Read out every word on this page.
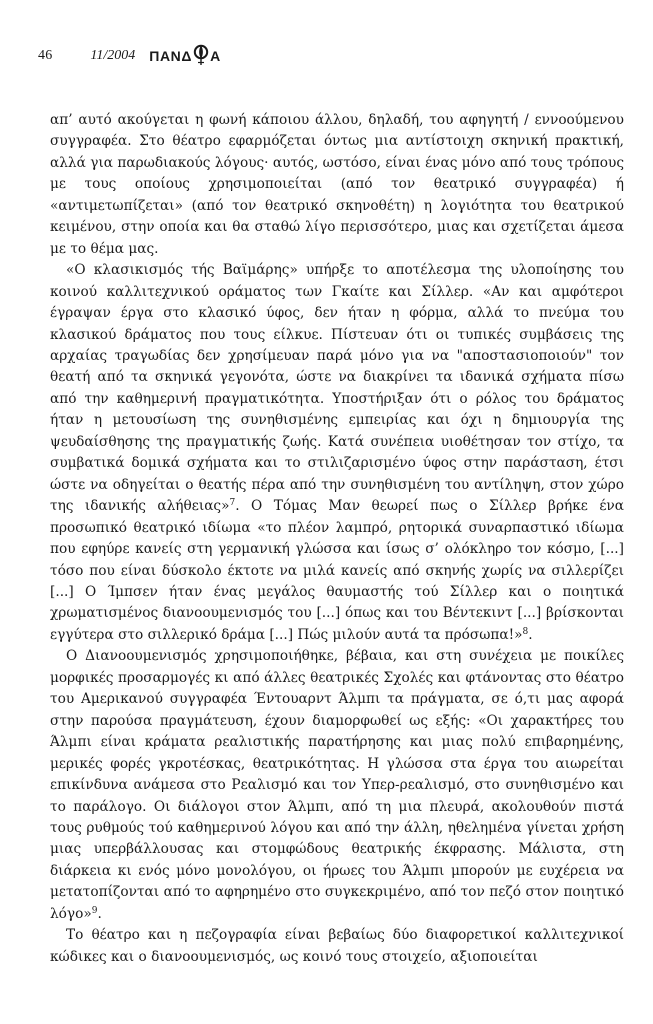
46	11/2004 ΠΑΝΔ Α

απ’ αυτό ακούγεται η φωνή κάποιου άλλου, δηλαδή, του αφηγητή / εννοούμενου συγγραφέα. Στο θέατρο εφαρμόζεται όντως μια αντίστοιχη σκηνική πρακτική, αλλά για παρωδιακούς λόγους· αυτός, ωστόσο, είναι ένας μόνο από τους τρόπους με τους οποίους χρησιμοποιείται (από τον θεατρικό συγγραφέα) ή «αντιμετωπίζεται» (από τον θεατρικό σκηνοθέτη) η λογιότητα του θεατρικού κειμένου, στην οποία και θα σταθώ λίγο περισσότερο, μιας και σχετίζεται άμεσα με το θέμα μας.

«Ο κλασικισμός τής Βαϊμάρης» υπήρξε το αποτέλεσμα της υλοποίησης του κοινού καλλιτεχνικού οράματος των Γκαίτε και Σίλλερ. «Αν και αμφότεροι έγραψαν έργα στο κλασικό ύφος, δεν ήταν η φόρμα, αλλά το πνεύμα του κλασικού δράματος που τους είλκυε. Πίστευαν ότι οι τυπικές συμβάσεις της αρχαίας τραγωδίας δεν χρησίμευαν παρά μόνο για να "αποστασιοποιούν" τον θεατή από τα σκηνικά γεγονότα, ώστε να διακρίνει τα ιδανικά σχήματα πίσω από την καθημερινή πραγματικότητα. Υποστήριξαν ότι ο ρόλος του δράματος ήταν η μετουσίωση της συνηθισμένης εμπειρίας και όχι η δημιουργία της ψευδαίσθησης της πραγματικής ζωής. Κατά συνέπεια υιοθέτησαν τον στίχο, τα συμβατικά δομικά σχήματα και το στιλιζαρισμένο ύφος στην παράσταση, έτσι ώστε να οδηγείται ο θεατής πέρα από την συνηθισμένη του αντίληψη, στον χώρο της ιδανικής αλήθειας»$^7$. Ο Τόμας Μαν θεωρεί πως ο Σίλλερ βρήκε ένα προσωπικό θεατρικό ιδίωμα «το πλέον λαμπρό, ρητορικά συναρπαστικό ιδίωμα που εφηύρε κανείς στη γερμανική γλώσσα και ίσως σ’ ολόκληρο τον κόσμο, [...] τόσο που είναι δύσκολο έκτοτε να μιλά κανείς από σκηνής χωρίς να σιλλερίζει [...] Ο Ίμπσεν ήταν ένας μεγάλος θαυμαστής τού Σίλλερ και ο ποιητικά χρωματισμένος διανοουμενισμός του [...] όπως και του Βέντεκιντ [...] βρίσκονται εγγύτερα στο σιλλερικό δράμα [...] Πώς μιλούν αυτά τα πρόσωπα!»$^8$.

Ο Διανοουμενισμός χρησιμοποιήθηκε, βέβαια, και στη συνέχεια με ποικίλες μορφικές προσαρμογές κι από άλλες θεατρικές Σχολές και φτάνοντας στο θέατρο του Αμερικανού συγγραφέα Έντουαρντ Άλμπι τα πράγματα, σε ό,τι μας αφορά στην παρούσα πραγμάτευση, έχουν διαμορφωθεί ως εξής: «Οι χαρακτήρες του Άλμπι είναι κράματα ρεαλιστικής παρατήρησης και μιας πολύ επιβαρημένης, μερικές φορές γκροτέσκας, θεατρικότητας. Η γλώσσα στα έργα του αιωρείται επικίνδυνα ανάμεσα στο Ρεαλισμό και τον Υπερ-ρεαλισμό, στο συνηθισμένο και το παράλογο. Οι διάλογοι στον Άλμπι, από τη μια πλευρά, ακολουθούν πιστά τους ρυθμούς τού καθημερινού λόγου και από την άλλη, ηθελημένα γίνεται χρήση μιας υπερβάλλουσας και στομφώδους θεατρικής έκφρασης. Μάλιστα, στη διάρκεια κι ενός μόνο μονολόγου, οι ήρωες του Άλμπι μπορούν με ευχέρεια να μετατοπίζονται από το αφηρημένο στο συγκεκριμένο, από τον πεζό στον ποιητικό λόγο»$^9$.

Το θέατρο και η πεζογραφία είναι βεβαίως δύο διαφορετικοί καλλιτεχνικοί κώδικες και ο διανοουμενισμός, ως κοινό τους στοιχείο, αξιοποιείται
